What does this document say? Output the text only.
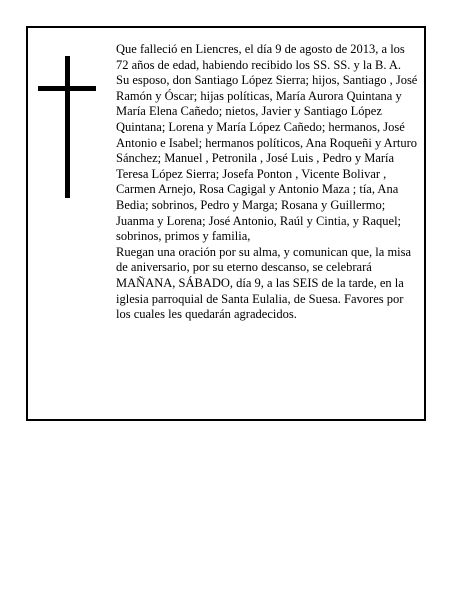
Que falleció en Liencres, el día 9 de agosto de 2013, a los 72 años de edad, habiendo recibido los SS. SS. y la B. A.

Su esposo, don Santiago López Sierra; hijos, Santiago , José Ramón y Óscar; hijas políticas, María Aurora Quintana y María Elena Cañedo; nietos, Javier y Santiago López Quintana; Lorena y María López Cañedo; hermanos, José Antonio e Isabel; hermanos políticos, Ana Roqueñi y Arturo Sánchez; Manuel , Petronila , José Luis , Pedro y María Teresa López Sierra; Josefa Ponton , Vicente Bolivar , Carmen Arnejo, Rosa Cagigal y Antonio Maza ; tía, Ana Bedia; sobrinos, Pedro y Marga; Rosana y Guillermo; Juanma y Lorena; José Antonio, Raúl y Cintia, y Raquel; sobrinos, primos y familia,

Ruegan una oración por su alma, y comunican que, la misa de aniversario, por su eterno descanso, se celebrará MAÑANA, SÁBADO, día 9, a las SEIS de la tarde, en la iglesia parroquial de Santa Eulalia, de Suesa. Favores por los cuales les quedarán agradecidos.
